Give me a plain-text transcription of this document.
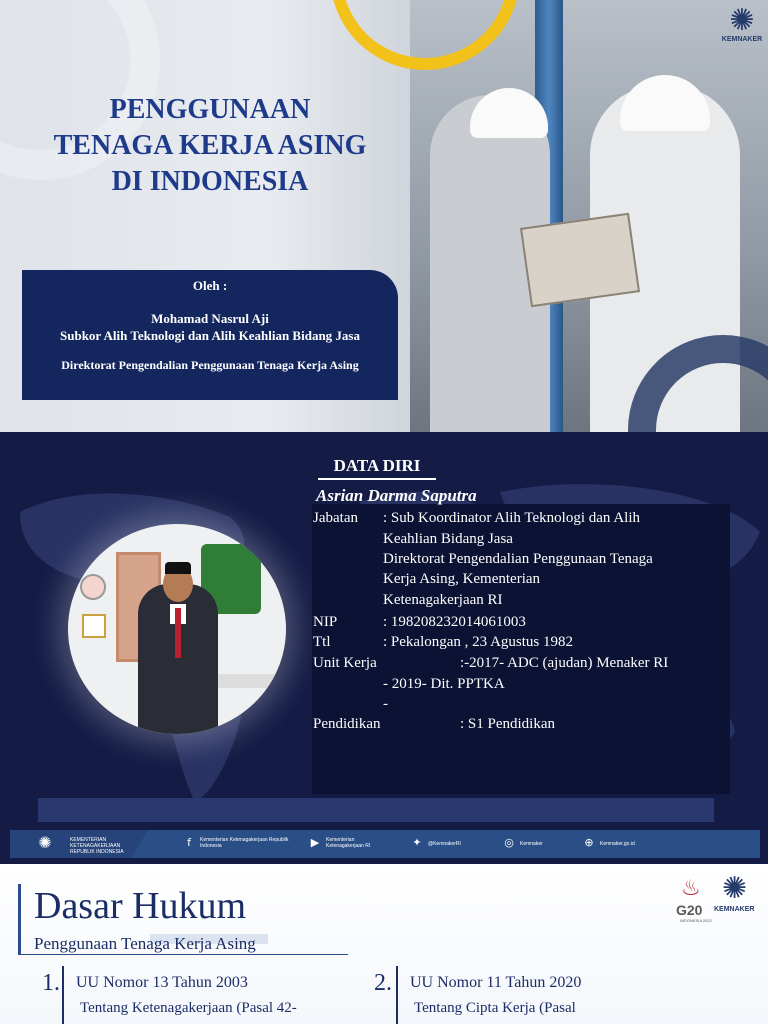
✺
KEMNAKER
PENGGUNAAN
TENAGA KERJA ASING
DI INDONESIA
Oleh :
Mohamad Nasrul Aji
Subkor Alih Teknologi dan Alih Keahlian Bidang Jasa
Direktorat Pengendalian Penggunaan Tenaga Kerja Asing
DATA DIRI
Asrian Darma Saputra
Jabatan : Sub Koordinator Alih Teknologi dan Alih
Keahlian Bidang Jasa
Direktorat Pengendalian Penggunaan Tenaga
Kerja Asing, Kementerian
Ketenagakerjaan RI
NIP	: 198208232014061003
Ttl	: Pekalongan , 23 Agustus 1982
Unit Kerja	:-2017- ADC (ajudan) Menaker RI
- 2019- Dit. PPTKA
-
Pendidikan	: S1 Pendidikan
✺	KEMENTERIAN KETENAGAKERJAAN REPUBLIK INDONESIA
f	Kementerian Ketenagakerjaan Republik Indonesia	▶	Kementerian Ketenagakerjaan RI	✦	@KemnakerRI	◎	Kemnaker	⊕	Kemnaker.go.id
Dasar Hukum
Penggunaan Tenaga Kerja Asing
♨
G20
INDONESIA 2022
✺
KEMNAKER
1. UU Nomor 13 Tahun 2003
Tentang Ketenagakerjaan (Pasal 42-
2. UU Nomor 11 Tahun 2020
Tentang Cipta Kerja (Pasal
